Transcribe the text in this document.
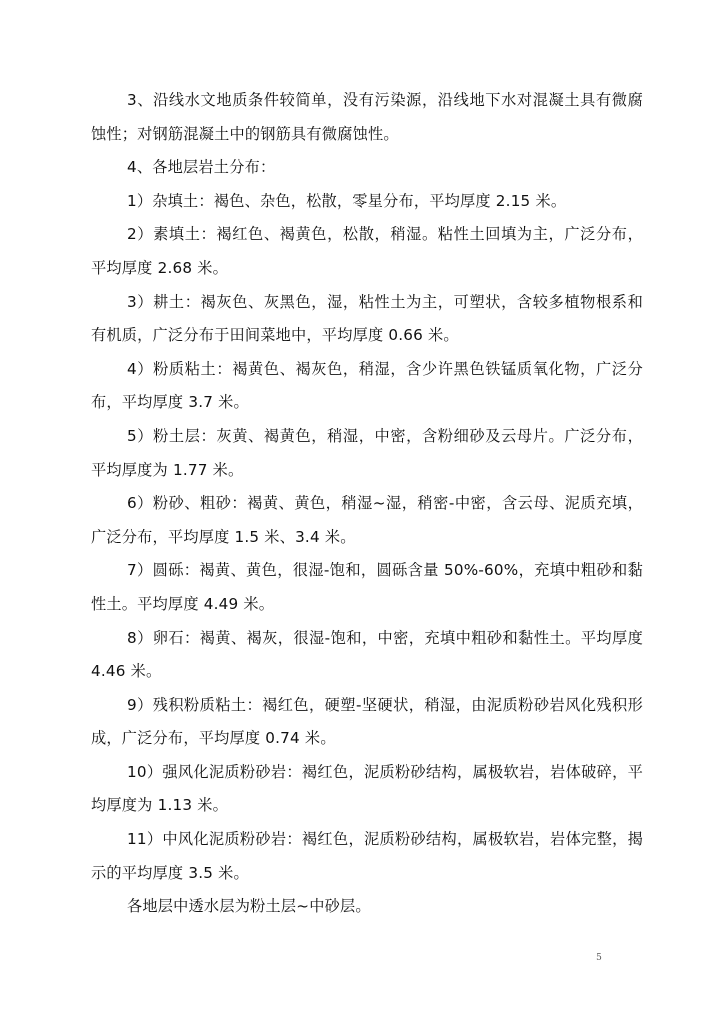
3、沿线水文地质条件较简单，没有污染源，沿线地下水对混凝土具有微腐蚀性；对钢筋混凝土中的钢筋具有微腐蚀性。

4、各地层岩土分布：

1）杂填土：褐色、杂色，松散，零星分布，平均厚度 2.15 米。

2）素填土：褐红色、褐黄色，松散，稍湿。粘性土回填为主，广泛分布，平均厚度 2.68 米。

3）耕土：褐灰色、灰黑色，湿，粘性土为主，可塑状，含较多植物根系和有机质，广泛分布于田间菜地中，平均厚度 0.66 米。

4）粉质粘土：褐黄色、褐灰色，稍湿，含少许黑色铁锰质氧化物，广泛分布，平均厚度 3.7 米。

5）粉土层：灰黄、褐黄色，稍湿，中密，含粉细砂及云母片。广泛分布，平均厚度为 1.77 米。

6）粉砂、粗砂：褐黄、黄色，稍湿~湿，稍密-中密，含云母、泥质充填，广泛分布，平均厚度 1.5 米、3.4 米。

7）圆砾：褐黄、黄色，很湿-饱和，圆砾含量 50%-60%，充填中粗砂和黏性土。平均厚度 4.49 米。

8）卵石：褐黄、褐灰，很湿-饱和，中密，充填中粗砂和黏性土。平均厚度 4.46 米。

9）残积粉质粘土：褐红色，硬塑-坚硬状，稍湿，由泥质粉砂岩风化残积形成，广泛分布，平均厚度 0.74 米。

10）强风化泥质粉砂岩：褐红色，泥质粉砂结构，属极软岩，岩体破碎，平均厚度为 1.13 米。

11）中风化泥质粉砂岩：褐红色，泥质粉砂结构，属极软岩，岩体完整，揭示的平均厚度 3.5 米。

各地层中透水层为粉土层~中砂层。

5
